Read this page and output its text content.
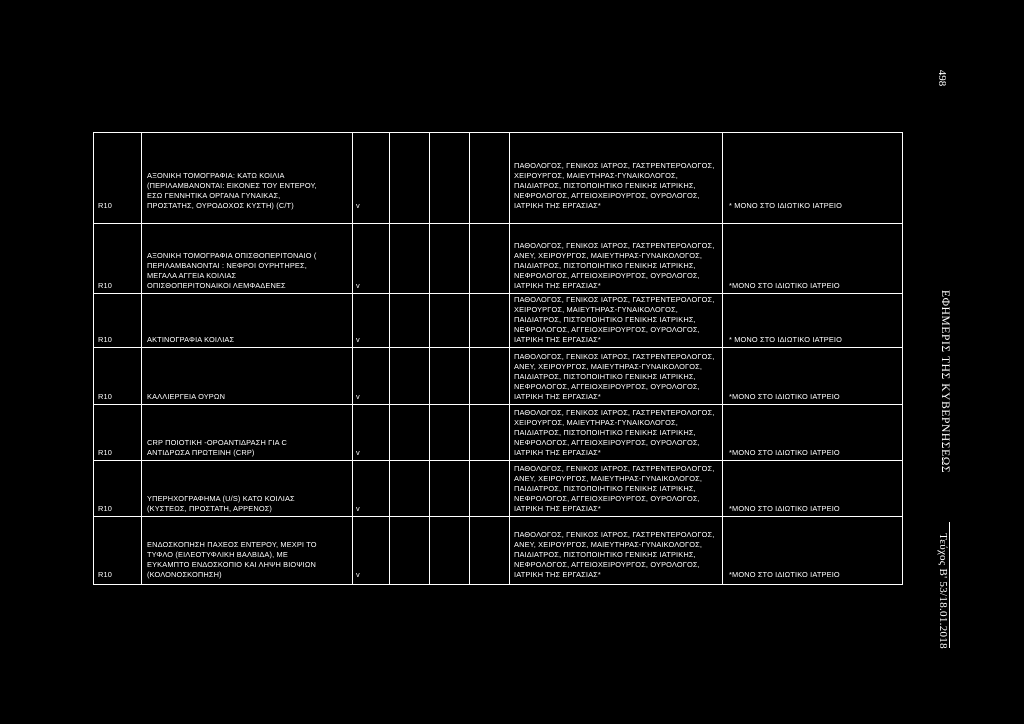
498
ΕΦΗΜΕΡΙΣ ΤΗΣ ΚΥΒΕΡΝΗΣΕΩΣ
Τεύχος Β' 53/18.01.2018
R10
ΑΞΟΝΙΚΗ ΤΟΜΟΓΡΑΦΙΑ: ΚΑΤΩ ΚΟΙΛΙΑ
(ΠΕΡΙΛΑΜΒΑΝΟΝΤΑΙ: ΕΙΚΟΝΕΣ ΤΟΥ ΕΝΤΕΡΟΥ,
ΕΣΩ ΓΕΝΝΗΤΙΚΑ ΟΡΓΑΝΑ ΓΥΝΑΙΚΑΣ,
ΠΡΟΣΤΑΤΗΣ, ΟΥΡΟΔΟΧΟΣ ΚΥΣΤΗ) (C/T)	v
ΠΑΘΟΛΟΓΟΣ, ΓΕΝΙΚΟΣ ΙΑΤΡΟΣ, ΓΑΣΤΡΕΝΤΕΡΟΛΟΓΟΣ,
ΧΕΙΡΟΥΡΓΟΣ, ΜΑΙΕΥΤΗΡΑΣ-ΓΥΝΑΙΚΟΛΟΓΟΣ,
ΠΑΙΔΙΑΤΡΟΣ, ΠΙΣΤΟΠΟΙΗΤΙΚΟ ΓΕΝΙΚΗΣ ΙΑΤΡΙΚΗΣ,
ΝΕΦΡΟΛΟΓΟΣ, ΑΓΓΕΙΟΧΕΙΡΟΥΡΓΟΣ, ΟΥΡΟΛΟΓΟΣ,
ΙΑΤΡΙΚΗ ΤΗΣ ΕΡΓΑΣΙΑΣ*	* ΜΟΝΟ ΣΤΟ ΙΔΙΩΤΙΚΟ ΙΑΤΡΕΙΟ
R10
ΑΞΟΝΙΚΗ ΤΟΜΟΓΡΑΦΙΑ ΟΠΙΣΘΟΠΕΡΙΤΟΝΑΙΟ (
ΠΕΡΙΛΑΜΒΑΝΟΝΤΑΙ : ΝΕΦΡΟΙ ΟΥΡΗΤΗΡΕΣ,
ΜΕΓΑΛΑ ΑΓΓΕΙΑ ΚΟΙΛΙΑΣ
ΟΠΙΣΘΟΠΕΡΙΤΟΝΑΙΚΟΙ ΛΕΜΦΑΔΕΝΕΣ	v
ΠΑΘΟΛΟΓΟΣ, ΓΕΝΙΚΟΣ ΙΑΤΡΟΣ, ΓΑΣΤΡΕΝΤΕΡΟΛΟΓΟΣ,
ΑΝΕΥ, ΧΕΙΡΟΥΡΓΟΣ, ΜΑΙΕΥΤΗΡΑΣ-ΓΥΝΑΙΚΟΛΟΓΟΣ,
ΠΑΙΔΙΑΤΡΟΣ, ΠΙΣΤΟΠΟΙΗΤΙΚΟ ΓΕΝΙΚΗΣ ΙΑΤΡΙΚΗΣ,
ΝΕΦΡΟΛΟΓΟΣ, ΑΓΓΕΙΟΧΕΙΡΟΥΡΓΟΣ, ΟΥΡΟΛΟΓΟΣ,
ΙΑΤΡΙΚΗ ΤΗΣ ΕΡΓΑΣΙΑΣ*	*ΜΟΝΟ ΣΤΟ ΙΔΙΩΤΙΚΟ ΙΑΤΡΕΙΟ
R10	ΑΚΤΙΝΟΓΡΑΦΙΑ ΚΟΙΛΙΑΣ	v
ΠΑΘΟΛΟΓΟΣ, ΓΕΝΙΚΟΣ ΙΑΤΡΟΣ, ΓΑΣΤΡΕΝΤΕΡΟΛΟΓΟΣ,
ΧΕΙΡΟΥΡΓΟΣ, ΜΑΙΕΥΤΗΡΑΣ-ΓΥΝΑΙΚΟΛΟΓΟΣ,
ΠΑΙΔΙΑΤΡΟΣ, ΠΙΣΤΟΠΟΙΗΤΙΚΟ ΓΕΝΙΚΗΣ ΙΑΤΡΙΚΗΣ,
ΝΕΦΡΟΛΟΓΟΣ, ΑΓΓΕΙΟΧΕΙΡΟΥΡΓΟΣ, ΟΥΡΟΛΟΓΟΣ,
ΙΑΤΡΙΚΗ ΤΗΣ ΕΡΓΑΣΙΑΣ*	* ΜΟΝΟ ΣΤΟ ΙΔΙΩΤΙΚΟ ΙΑΤΡΕΙΟ
R10	ΚΑΛΛΙΕΡΓΕΙΑ ΟΥΡΩΝ	v
ΠΑΘΟΛΟΓΟΣ, ΓΕΝΙΚΟΣ ΙΑΤΡΟΣ, ΓΑΣΤΡΕΝΤΕΡΟΛΟΓΟΣ,
ΑΝΕΥ, ΧΕΙΡΟΥΡΓΟΣ, ΜΑΙΕΥΤΗΡΑΣ-ΓΥΝΑΙΚΟΛΟΓΟΣ,
ΠΑΙΔΙΑΤΡΟΣ, ΠΙΣΤΟΠΟΙΗΤΙΚΟ ΓΕΝΙΚΗΣ ΙΑΤΡΙΚΗΣ,
ΝΕΦΡΟΛΟΓΟΣ, ΑΓΓΕΙΟΧΕΙΡΟΥΡΓΟΣ, ΟΥΡΟΛΟΓΟΣ,
ΙΑΤΡΙΚΗ ΤΗΣ ΕΡΓΑΣΙΑΣ*	*ΜΟΝΟ ΣΤΟ ΙΔΙΩΤΙΚΟ ΙΑΤΡΕΙΟ
R10
CRP ΠΟΙΟΤΙΚΗ -ΟΡΟΑΝΤΙΔΡΑΣΗ ΓΙΑ C
ΑΝΤΙΔΡΩΣΑ ΠΡΩΤΕΙΝΗ (CRP)	v
ΠΑΘΟΛΟΓΟΣ, ΓΕΝΙΚΟΣ ΙΑΤΡΟΣ, ΓΑΣΤΡΕΝΤΕΡΟΛΟΓΟΣ,
ΧΕΙΡΟΥΡΓΟΣ, ΜΑΙΕΥΤΗΡΑΣ-ΓΥΝΑΙΚΟΛΟΓΟΣ,
ΠΑΙΔΙΑΤΡΟΣ, ΠΙΣΤΟΠΟΙΗΤΙΚΟ ΓΕΝΙΚΗΣ ΙΑΤΡΙΚΗΣ,
ΝΕΦΡΟΛΟΓΟΣ, ΑΓΓΕΙΟΧΕΙΡΟΥΡΓΟΣ, ΟΥΡΟΛΟΓΟΣ,
ΙΑΤΡΙΚΗ ΤΗΣ ΕΡΓΑΣΙΑΣ*	*ΜΟΝΟ ΣΤΟ ΙΔΙΩΤΙΚΟ ΙΑΤΡΕΙΟ
R10
ΥΠΕΡΗΧΟΓΡΑΦΗΜΑ (U/S) ΚΑΤΩ ΚΟΙΛΙΑΣ
(ΚΥΣΤΕΩΣ, ΠΡΟΣΤΑΤΗ, ΑΡΡΕΝΟΣ)	v
ΠΑΘΟΛΟΓΟΣ, ΓΕΝΙΚΟΣ ΙΑΤΡΟΣ, ΓΑΣΤΡΕΝΤΕΡΟΛΟΓΟΣ,
ΑΝΕΥ, ΧΕΙΡΟΥΡΓΟΣ, ΜΑΙΕΥΤΗΡΑΣ-ΓΥΝΑΙΚΟΛΟΓΟΣ,
ΠΑΙΔΙΑΤΡΟΣ, ΠΙΣΤΟΠΟΙΗΤΙΚΟ ΓΕΝΙΚΗΣ ΙΑΤΡΙΚΗΣ,
ΝΕΦΡΟΛΟΓΟΣ, ΑΓΓΕΙΟΧΕΙΡΟΥΡΓΟΣ, ΟΥΡΟΛΟΓΟΣ,
ΙΑΤΡΙΚΗ ΤΗΣ ΕΡΓΑΣΙΑΣ*	*ΜΟΝΟ ΣΤΟ ΙΔΙΩΤΙΚΟ ΙΑΤΡΕΙΟ
R10
ΕΝΔΟΣΚΟΠΗΣΗ ΠΑΧΕΟΣ ΕΝΤΕΡΟΥ, ΜΕΧΡΙ ΤΟ
ΤΥΦΛΟ (ΕΙΛΕΟΤΥΦΛΙΚΗ ΒΑΛΒΙΔΑ), ΜΕ
ΕΥΚΑΜΠΤΟ ΕΝΔΟΣΚΟΠΙΟ ΚΑΙ ΛΗΨΗ ΒΙΟΨΙΩΝ
(ΚΟΛΟΝΟΣΚΟΠΗΣΗ)	v
ΠΑΘΟΛΟΓΟΣ, ΓΕΝΙΚΟΣ ΙΑΤΡΟΣ, ΓΑΣΤΡΕΝΤΕΡΟΛΟΓΟΣ,
ΑΝΕΥ, ΧΕΙΡΟΥΡΓΟΣ, ΜΑΙΕΥΤΗΡΑΣ-ΓΥΝΑΙΚΟΛΟΓΟΣ,
ΠΑΙΔΙΑΤΡΟΣ, ΠΙΣΤΟΠΟΙΗΤΙΚΟ ΓΕΝΙΚΗΣ ΙΑΤΡΙΚΗΣ,
ΝΕΦΡΟΛΟΓΟΣ, ΑΓΓΕΙΟΧΕΙΡΟΥΡΓΟΣ, ΟΥΡΟΛΟΓΟΣ,
ΙΑΤΡΙΚΗ ΤΗΣ ΕΡΓΑΣΙΑΣ*	*ΜΟΝΟ ΣΤΟ ΙΔΙΩΤΙΚΟ ΙΑΤΡΕΙΟ
